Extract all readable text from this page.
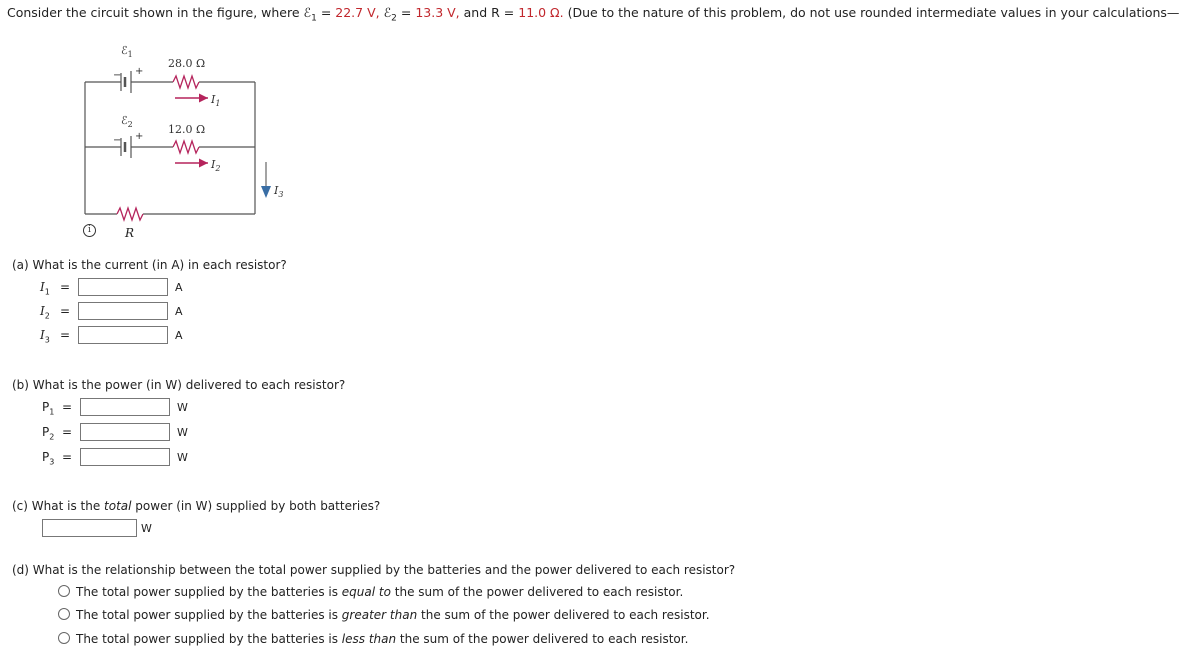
Consider the circuit shown in the figure, where ℰ$_1$ = 22.7 V, ℰ$_2$ = 13.3 V, and R = 11.0 Ω. (Due to the nature of this problem, do not use rounded intermediate values in your calculations—
ℰ$_1$
− +
28.0 Ω
$I_1$
ℰ$_2$
− +
12.0 Ω
$I_2$
$I_3$
i	R
(a) What is the current (in A) in each resistor?
$I_1$ =	A
$I_2$ =	A
$I_3$ =	A
(b) What is the power (in W) delivered to each resistor?
$P_1$ =	W
$P_2$ =	W
$P_3$ =	W
(c) What is the total power (in W) supplied by both batteries?
W
(d) What is the relationship between the total power supplied by the batteries and the power delivered to each resistor?
The total power supplied by the batteries is equal to the sum of the power delivered to each resistor.
The total power supplied by the batteries is greater than the sum of the power delivered to each resistor.
The total power supplied by the batteries is less than the sum of the power delivered to each resistor.
